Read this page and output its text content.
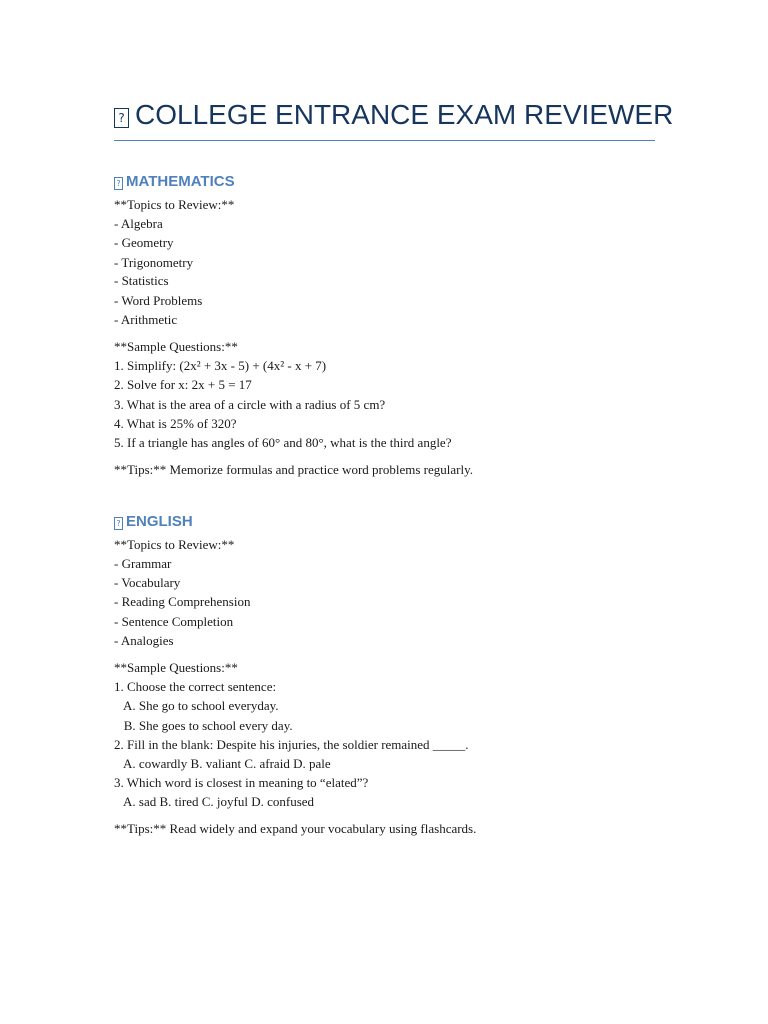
? COLLEGE ENTRANCE EXAM REVIEWER
? MATHEMATICS
**Topics to Review:**
- Algebra
- Geometry
- Trigonometry
- Statistics
- Word Problems
- Arithmetic
**Sample Questions:**
1. Simplify: (2x² + 3x - 5) + (4x² - x + 7)
2. Solve for x: 2x + 5 = 17
3. What is the area of a circle with a radius of 5 cm?
4. What is 25% of 320?
5. If a triangle has angles of 60° and 80°, what is the third angle?
**Tips:** Memorize formulas and practice word problems regularly.
? ENGLISH
**Topics to Review:**
- Grammar
- Vocabulary
- Reading Comprehension
- Sentence Completion
- Analogies
**Sample Questions:**
1. Choose the correct sentence:
A. She go to school everyday.
B. She goes to school every day.
2. Fill in the blank: Despite his injuries, the soldier remained _____.
A. cowardly B. valiant C. afraid D. pale
3. Which word is closest in meaning to “elated”?
A. sad B. tired C. joyful D. confused
**Tips:** Read widely and expand your vocabulary using flashcards.
